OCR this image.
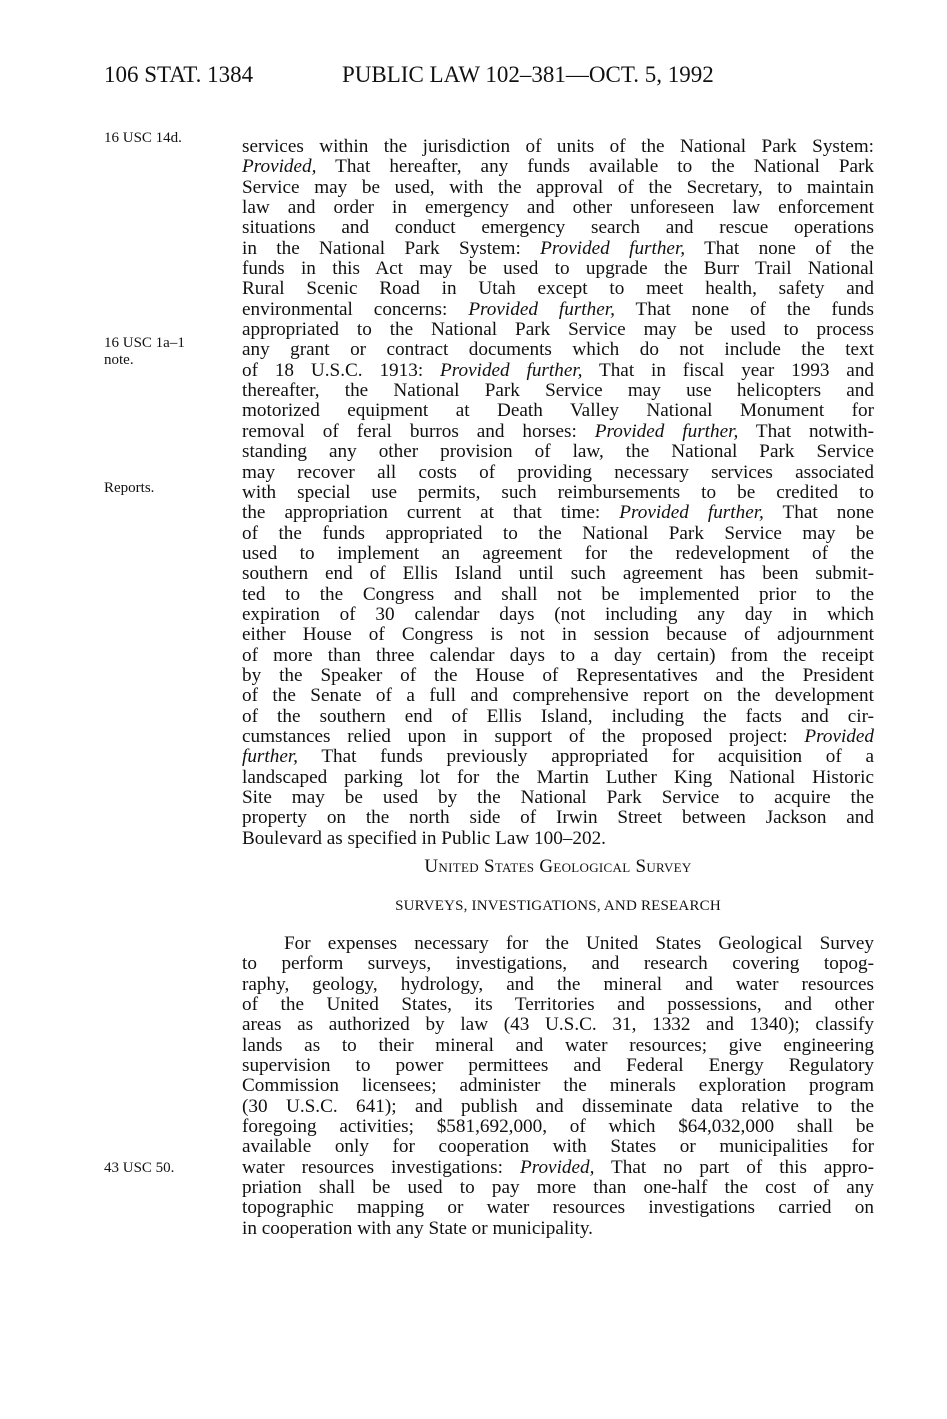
106 STAT. 1384	PUBLIC LAW 102–381—OCT. 5, 1992
16 USC 14d.
16 USC 1a–1
note.
Reports.
43 USC 50.
services within the jurisdiction of units of the National Park System:
Provided, That hereafter, any funds available to the National Park
Service may be used, with the approval of the Secretary, to maintain
law and order in emergency and other unforeseen law enforcement
situations and conduct emergency search and rescue operations
in the National Park System: Provided further, That none of the
funds in this Act may be used to upgrade the Burr Trail National
Rural Scenic Road in Utah except to meet health, safety and
environmental concerns: Provided further, That none of the funds
appropriated to the National Park Service may be used to process
any grant or contract documents which do not include the text
of 18 U.S.C. 1913: Provided further, That in fiscal year 1993 and
thereafter, the National Park Service may use helicopters and
motorized equipment at Death Valley National Monument for
removal of feral burros and horses: Provided further, That notwith-
standing any other provision of law, the National Park Service
may recover all costs of providing necessary services associated
with special use permits, such reimbursements to be credited to
the appropriation current at that time: Provided further, That none
of the funds appropriated to the National Park Service may be
used to implement an agreement for the redevelopment of the
southern end of Ellis Island until such agreement has been submit-
ted to the Congress and shall not be implemented prior to the
expiration of 30 calendar days (not including any day in which
either House of Congress is not in session because of adjournment
of more than three calendar days to a day certain) from the receipt
by the Speaker of the House of Representatives and the President
of the Senate of a full and comprehensive report on the development
of the southern end of Ellis Island, including the facts and cir-
cumstances relied upon in support of the proposed project: Provided
further, That funds previously appropriated for acquisition of a
landscaped parking lot for the Martin Luther King National Historic
Site may be used by the National Park Service to acquire the
property on the north side of Irwin Street between Jackson and
Boulevard as specified in Public Law 100–202.
United States Geological Survey
SURVEYS, INVESTIGATIONS, AND RESEARCH
For expenses necessary for the United States Geological Survey
to perform surveys, investigations, and research covering topog-
raphy, geology, hydrology, and the mineral and water resources
of the United States, its Territories and possessions, and other
areas as authorized by law (43 U.S.C. 31, 1332 and 1340); classify
lands as to their mineral and water resources; give engineering
supervision to power permittees and Federal Energy Regulatory
Commission licensees; administer the minerals exploration program
(30 U.S.C. 641); and publish and disseminate data relative to the
foregoing activities; $581,692,000, of which $64,032,000 shall be
available only for cooperation with States or municipalities for
water resources investigations: Provided, That no part of this appro-
priation shall be used to pay more than one-half the cost of any
topographic mapping or water resources investigations carried on
in cooperation with any State or municipality.
